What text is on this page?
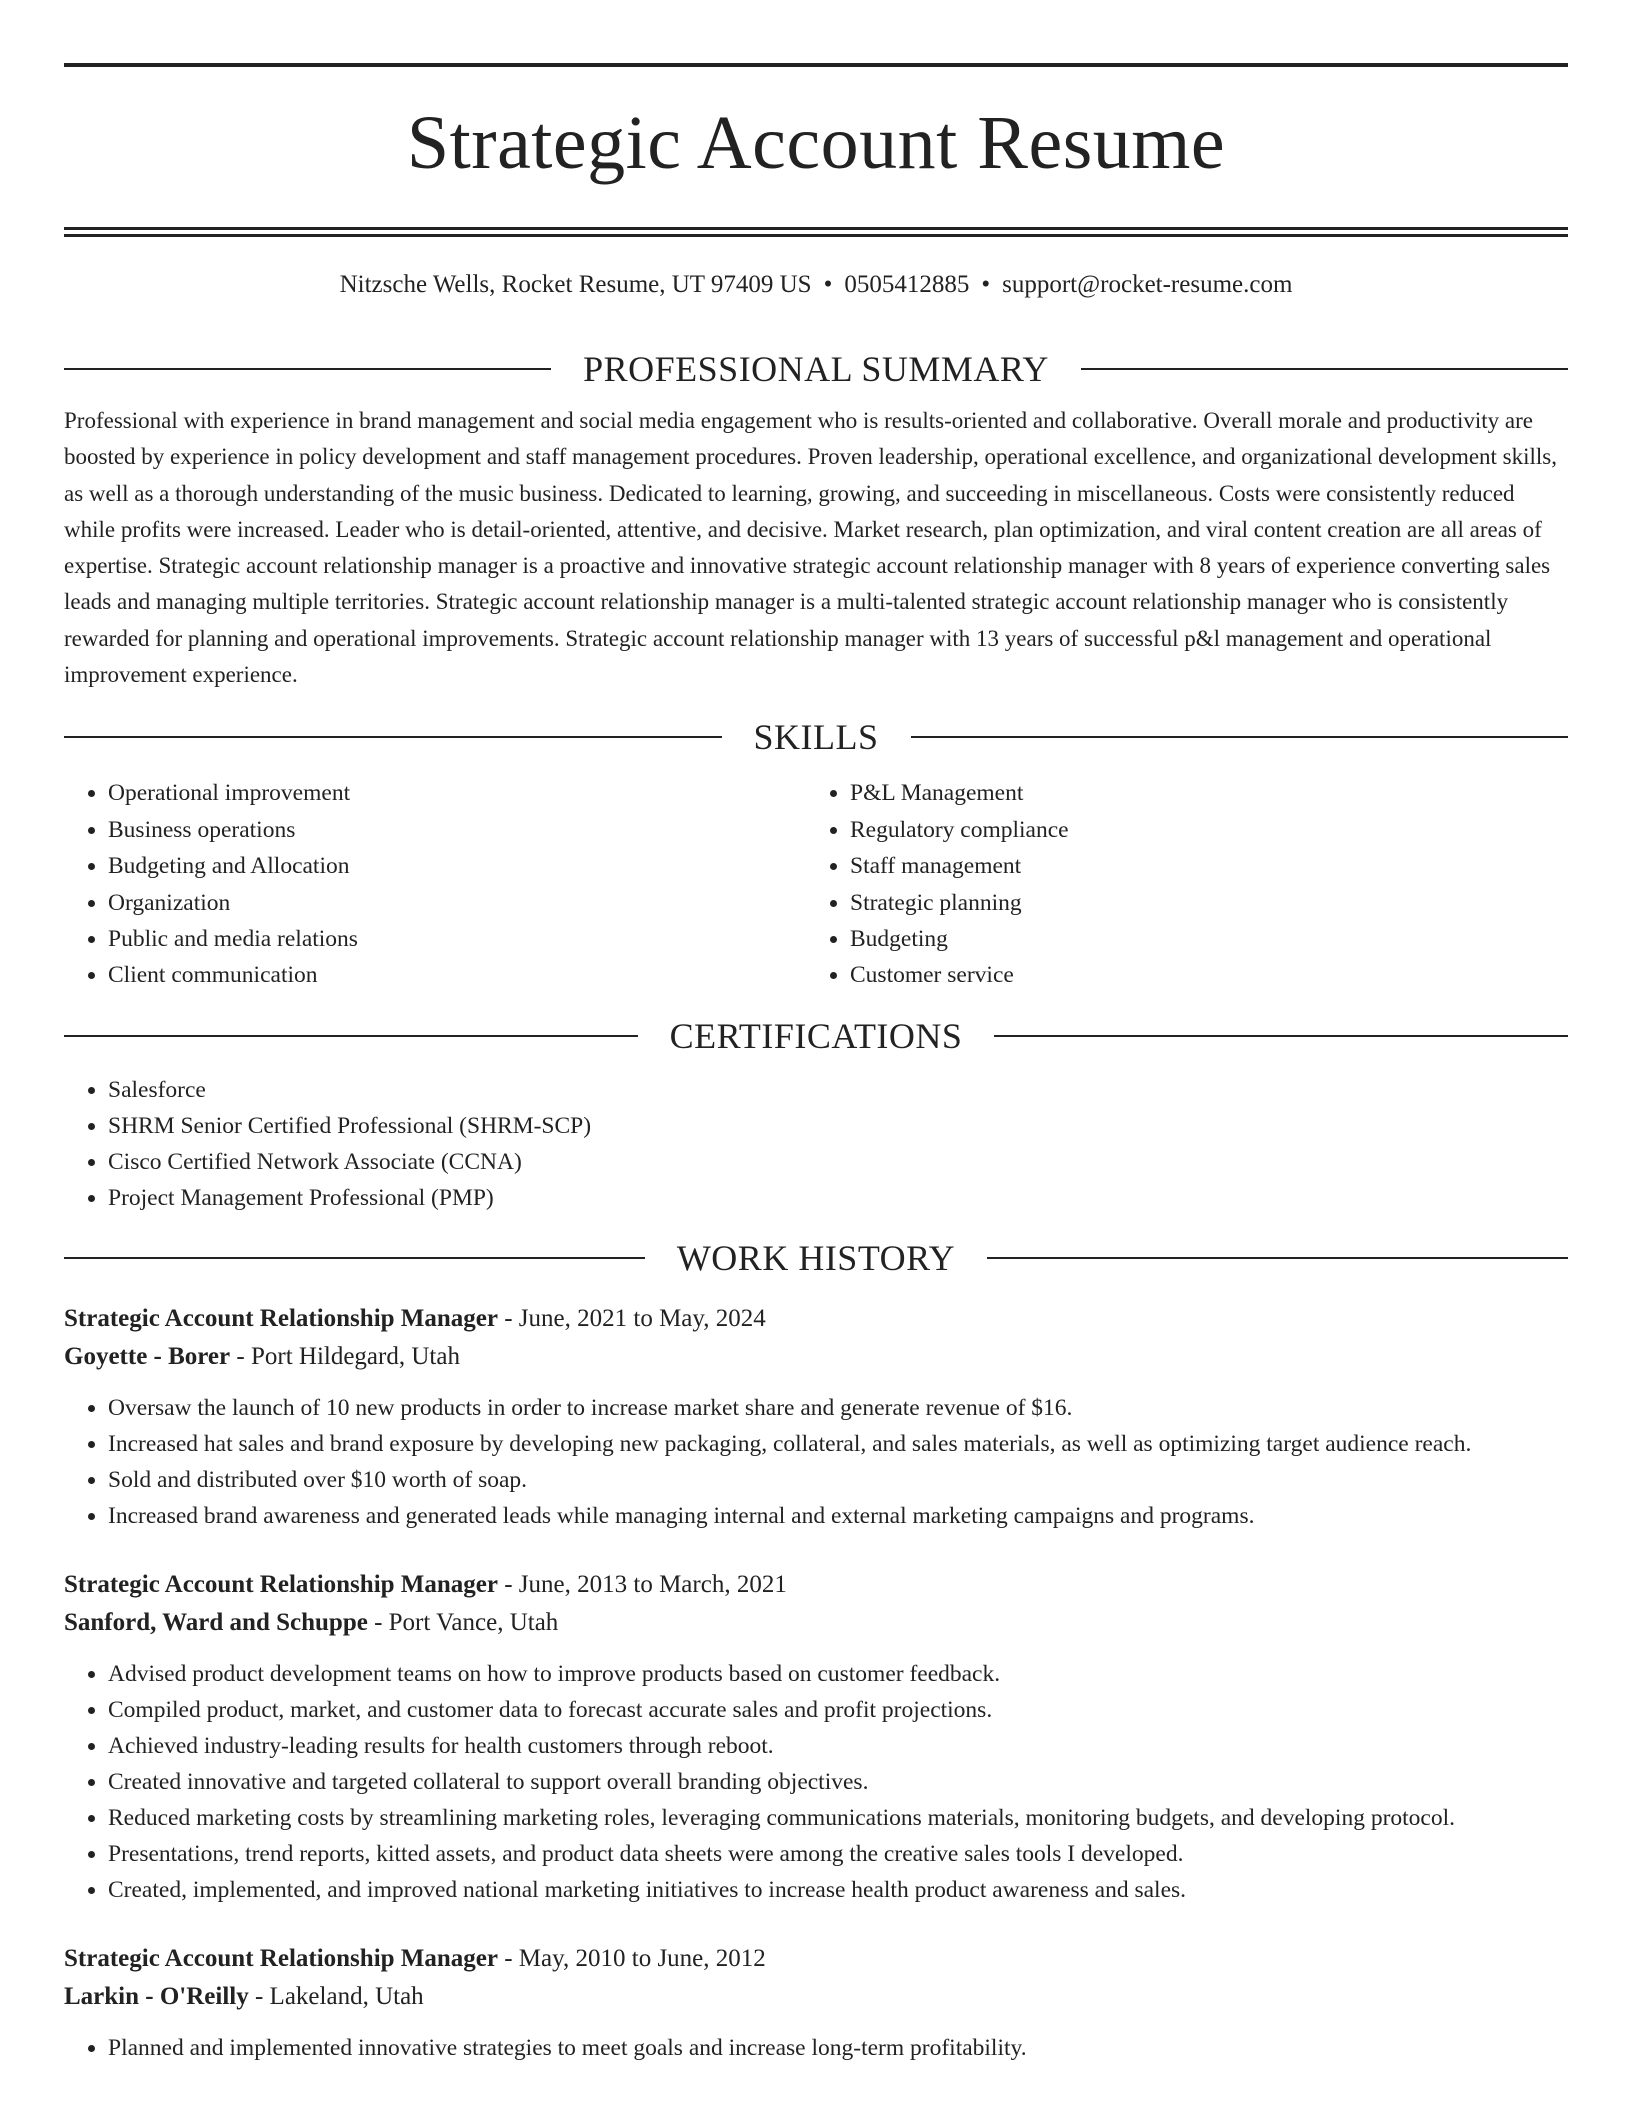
Strategic Account Resume
Nitzsche Wells, Rocket Resume, UT 97409 US • 0505412885 • support@rocket-resume.com
PROFESSIONAL SUMMARY
Professional with experience in brand management and social media engagement who is results-oriented and collaborative. Overall morale and productivity are boosted by experience in policy development and staff management procedures. Proven leadership, operational excellence, and organizational development skills, as well as a thorough understanding of the music business. Dedicated to learning, growing, and succeeding in miscellaneous. Costs were consistently reduced while profits were increased. Leader who is detail-oriented, attentive, and decisive. Market research, plan optimization, and viral content creation are all areas of expertise. Strategic account relationship manager is a proactive and innovative strategic account relationship manager with 8 years of experience converting sales leads and managing multiple territories. Strategic account relationship manager is a multi-talented strategic account relationship manager who is consistently rewarded for planning and operational improvements. Strategic account relationship manager with 13 years of successful p&l management and operational improvement experience.
SKILLS
• Operational improvement
• Business operations
• Budgeting and Allocation
• Organization
• Public and media relations
• Client communication
• P&L Management
• Regulatory compliance
• Staff management
• Strategic planning
• Budgeting
• Customer service
CERTIFICATIONS
• Salesforce
• SHRM Senior Certified Professional (SHRM-SCP)
• Cisco Certified Network Associate (CCNA)
• Project Management Professional (PMP)
WORK HISTORY
Strategic Account Relationship Manager - June, 2021 to May, 2024
Goyette - Borer - Port Hildegard, Utah
• Oversaw the launch of 10 new products in order to increase market share and generate revenue of $16.
• Increased hat sales and brand exposure by developing new packaging, collateral, and sales materials, as well as optimizing target audience reach.
• Sold and distributed over $10 worth of soap.
• Increased brand awareness and generated leads while managing internal and external marketing campaigns and programs.
Strategic Account Relationship Manager - June, 2013 to March, 2021
Sanford, Ward and Schuppe - Port Vance, Utah
• Advised product development teams on how to improve products based on customer feedback.
• Compiled product, market, and customer data to forecast accurate sales and profit projections.
• Achieved industry-leading results for health customers through reboot.
• Created innovative and targeted collateral to support overall branding objectives.
• Reduced marketing costs by streamlining marketing roles, leveraging communications materials, monitoring budgets, and developing protocol.
• Presentations, trend reports, kitted assets, and product data sheets were among the creative sales tools I developed.
• Created, implemented, and improved national marketing initiatives to increase health product awareness and sales.
Strategic Account Relationship Manager - May, 2010 to June, 2012
Larkin - O'Reilly - Lakeland, Utah
• Planned and implemented innovative strategies to meet goals and increase long-term profitability.
